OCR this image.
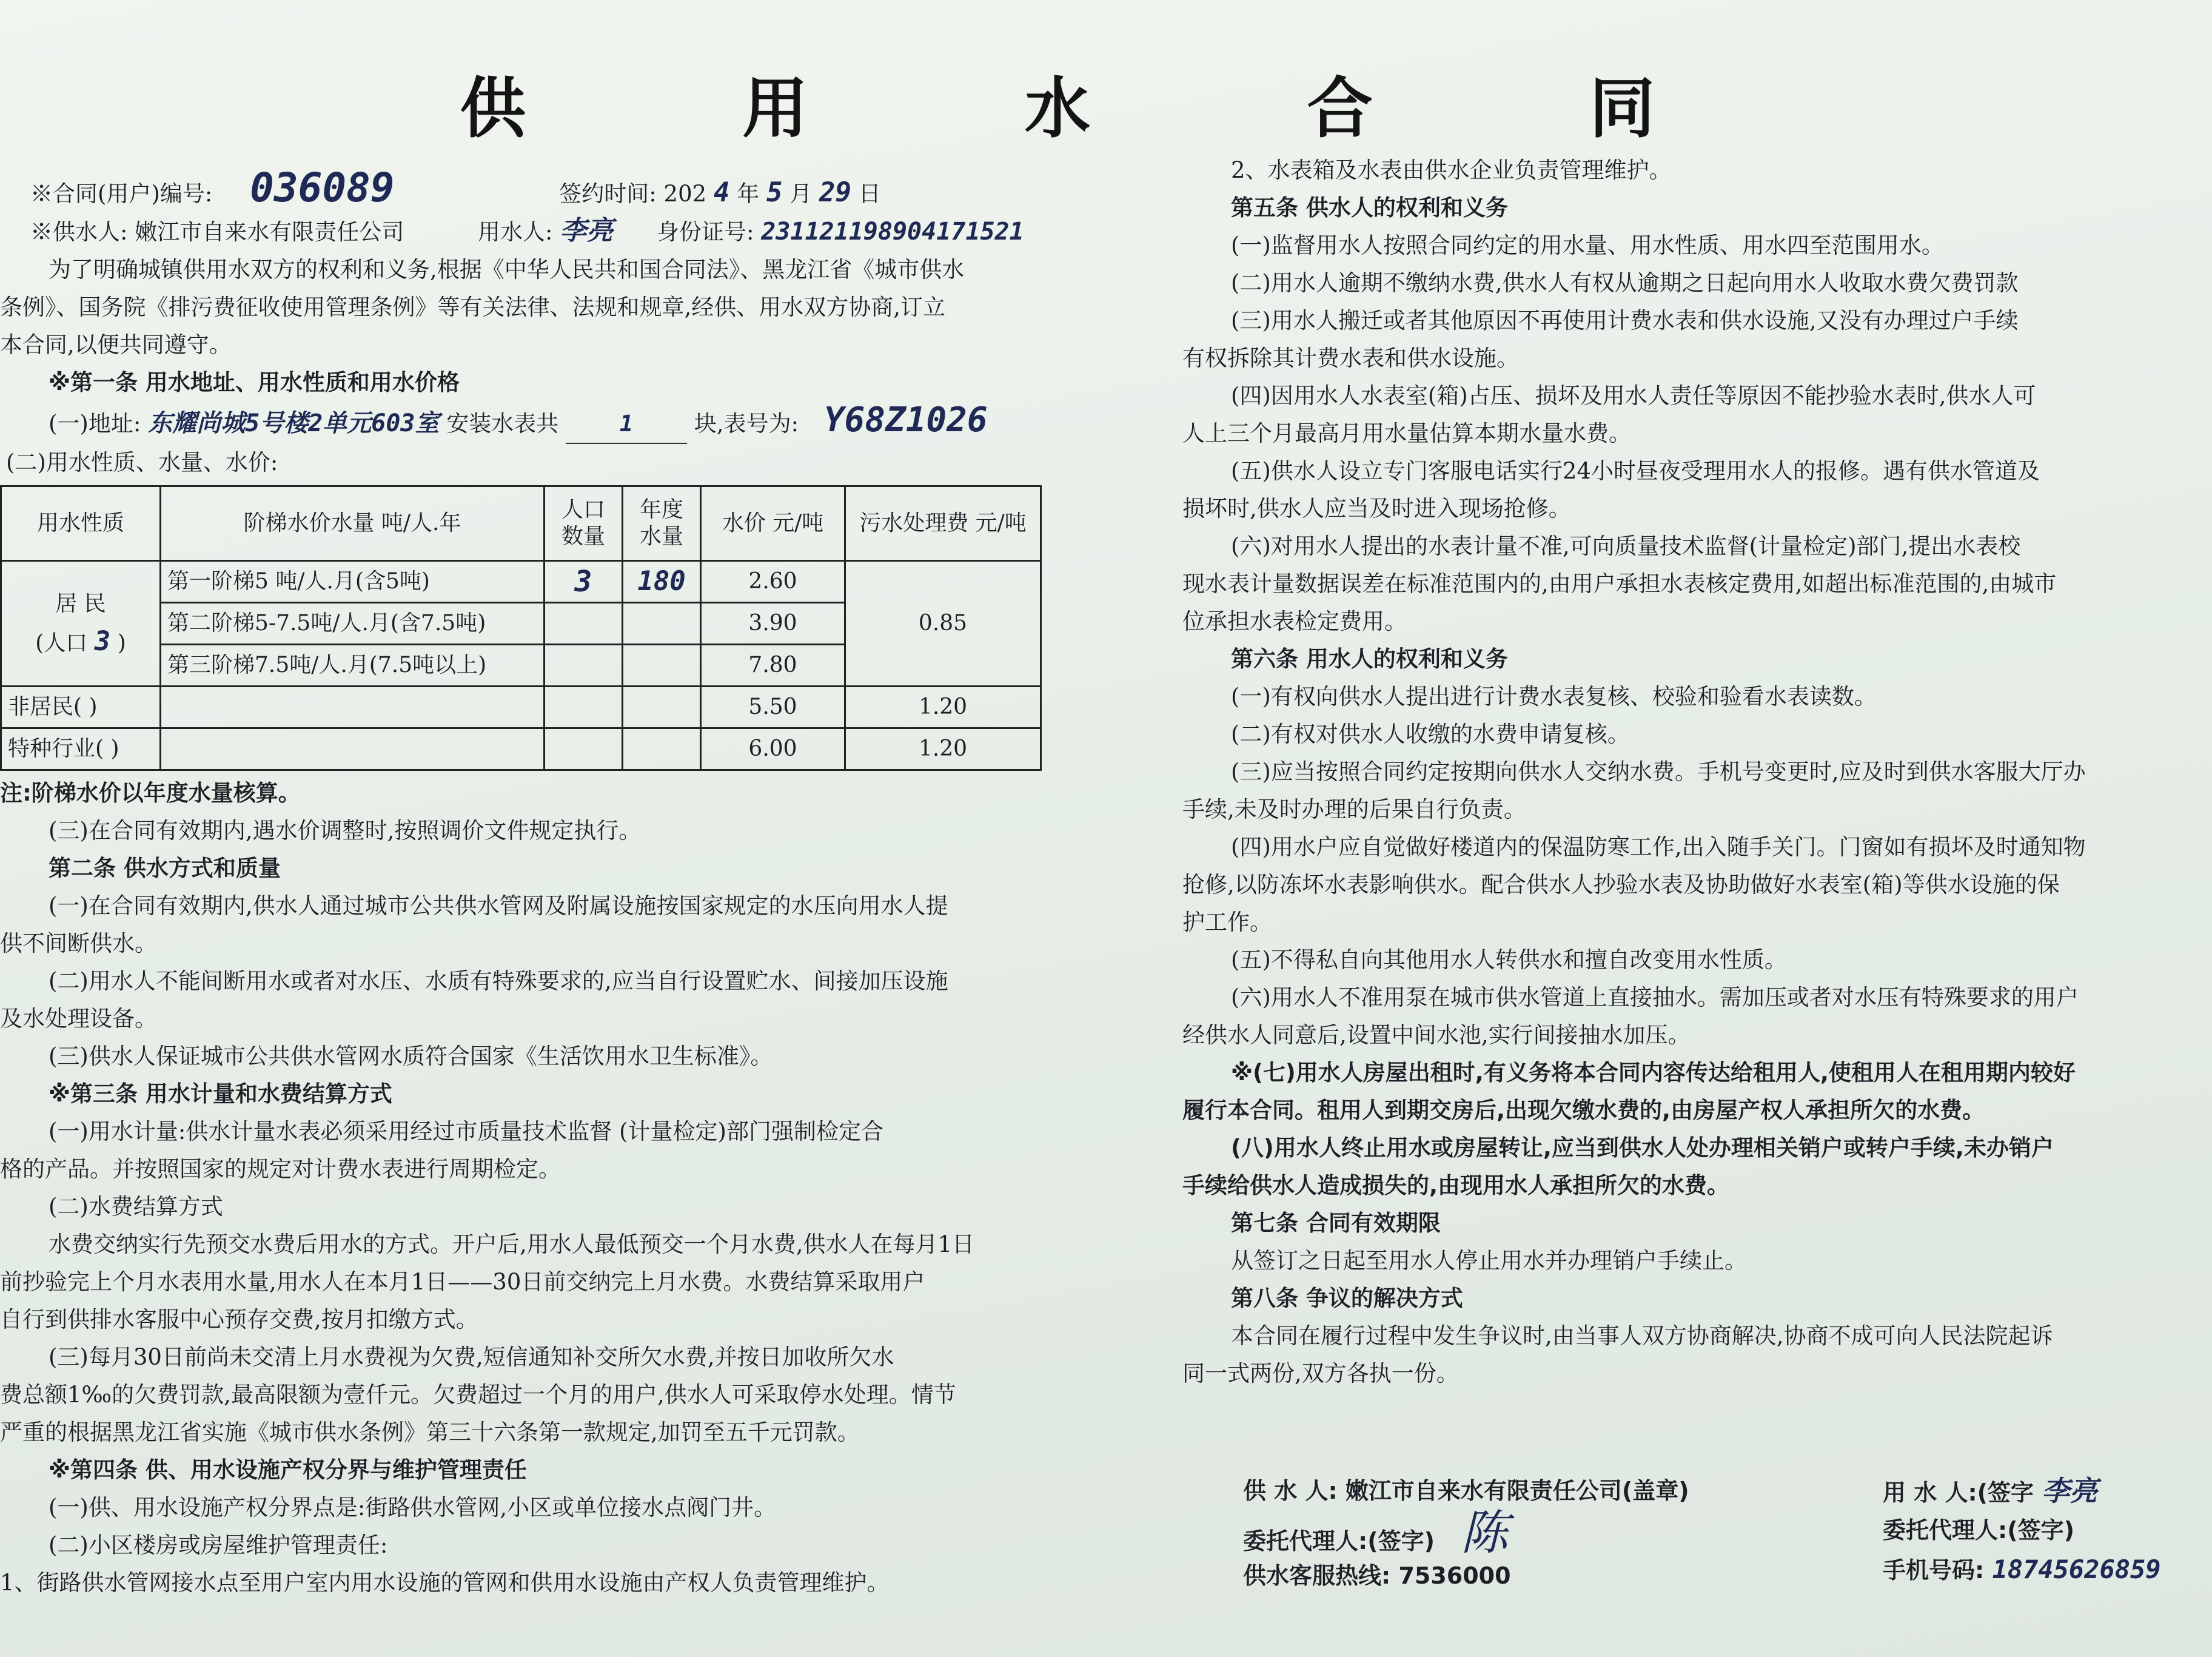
供 用 水 合 同
※合同(用户)编号: 036089	签约时间: 202 4 年 5 月 29 日
※供水人: 嫩江市自来水有限责任公司	用水人: 李亮 身份证号: 231121198904171521
为了明确城镇供用水双方的权利和义务,根据《中华人民共和国合同法》、黑龙江省《城市供水
条例》、国务院《排污费征收使用管理条例》等有关法律、法规和规章,经供、用水双方协商,订立
本合同,以便共同遵守。
※第一条 用水地址、用水性质和用水价格
(一)地址: 东耀尚城5号楼2单元603室 安装水表共	1	块,表号为: Y68Z1026
(二)用水性质、水量、水价:
用水性质	阶梯水价水量 吨/人.年	人口数量	年度水量	水价 元/吨	污水处理费 元/吨

居 民
(人口 3 )	第一阶梯5 吨/人.月(含5吨)	3	180	2.60	0.85
	第二阶梯5-7.5吨/人.月(含7.5吨)			3.90	
	第三阶梯7.5吨/人.月(7.5吨以上)			7.80	
非居民( )				5.50	1.20
特种行业( )				6.00	1.20
注:阶梯水价以年度水量核算。
(三)在合同有效期内,遇水价调整时,按照调价文件规定执行。
第二条 供水方式和质量
(一)在合同有效期内,供水人通过城市公共供水管网及附属设施按国家规定的水压向用水人提
供不间断供水。
(二)用水人不能间断用水或者对水压、水质有特殊要求的,应当自行设置贮水、间接加压设施
及水处理设备。
(三)供水人保证城市公共供水管网水质符合国家《生活饮用水卫生标准》。
※第三条 用水计量和水费结算方式
(一)用水计量:供水计量水表必须采用经过市质量技术监督 (计量检定)部门强制检定合
格的产品。并按照国家的规定对计费水表进行周期检定。
(二)水费结算方式
水费交纳实行先预交水费后用水的方式。开户后,用水人最低预交一个月水费,供水人在每月1日
前抄验完上个月水表用水量,用水人在本月1日——30日前交纳完上月水费。水费结算采取用户
自行到供排水客服中心预存交费,按月扣缴方式。
(三)每月30日前尚未交清上月水费视为欠费,短信通知补交所欠水费,并按日加收所欠水
费总额1‰的欠费罚款,最高限额为壹仟元。欠费超过一个月的用户,供水人可采取停水处理。情节
严重的根据黑龙江省实施《城市供水条例》第三十六条第一款规定,加罚至五千元罚款。
※第四条 供、用水设施产权分界与维护管理责任
(一)供、用水设施产权分界点是:街路供水管网,小区或单位接水点阀门井。
(二)小区楼房或房屋维护管理责任:
1、街路供水管网接水点至用户室内用水设施的管网和供用水设施由产权人负责管理维护。
2、水表箱及水表由供水企业负责管理维护。
第五条 供水人的权利和义务
(一)监督用水人按照合同约定的用水量、用水性质、用水四至范围用水。
(二)用水人逾期不缴纳水费,供水人有权从逾期之日起向用水人收取水费欠费罚款
(三)用水人搬迁或者其他原因不再使用计费水表和供水设施,又没有办理过户手续
有权拆除其计费水表和供水设施。
(四)因用水人水表室(箱)占压、损坏及用水人责任等原因不能抄验水表时,供水人可
人上三个月最高月用水量估算本期水量水费。
(五)供水人设立专门客服电话实行24小时昼夜受理用水人的报修。遇有供水管道及
损坏时,供水人应当及时进入现场抢修。
(六)对用水人提出的水表计量不准,可向质量技术监督(计量检定)部门,提出水表校
现水表计量数据误差在标准范围内的,由用户承担水表核定费用,如超出标准范围的,由城市
位承担水表检定费用。
第六条 用水人的权利和义务
(一)有权向供水人提出进行计费水表复核、校验和验看水表读数。
(二)有权对供水人收缴的水费申请复核。
(三)应当按照合同约定按期向供水人交纳水费。手机号变更时,应及时到供水客服大厅办
手续,未及时办理的后果自行负责。
(四)用水户应自觉做好楼道内的保温防寒工作,出入随手关门。门窗如有损坏及时通知物
抢修,以防冻坏水表影响供水。配合供水人抄验水表及协助做好水表室(箱)等供水设施的保
护工作。
(五)不得私自向其他用水人转供水和擅自改变用水性质。
(六)用水人不准用泵在城市供水管道上直接抽水。需加压或者对水压有特殊要求的用户
经供水人同意后,设置中间水池,实行间接抽水加压。
※(七)用水人房屋出租时,有义务将本合同内容传达给租用人,使租用人在租用期内较好
履行本合同。租用人到期交房后,出现欠缴水费的,由房屋产权人承担所欠的水费。
(八)用水人终止用水或房屋转让,应当到供水人处办理相关销户或转户手续,未办销户
手续给供水人造成损失的,由现用水人承担所欠的水费。
第七条 合同有效期限
从签订之日起至用水人停止用水并办理销户手续止。
第八条 争议的解决方式
本合同在履行过程中发生争议时,由当事人双方协商解决,协商不成可向人民法院起诉
同一式两份,双方各执一份。
供 水 人: 嫩江市自来水有限责任公司(盖章)
委托代理人:(签字) 陈
供水客服热线: 7536000
用 水 人:(签字 李亮
委托代理人:(签字)
手机号码: 18745626859
